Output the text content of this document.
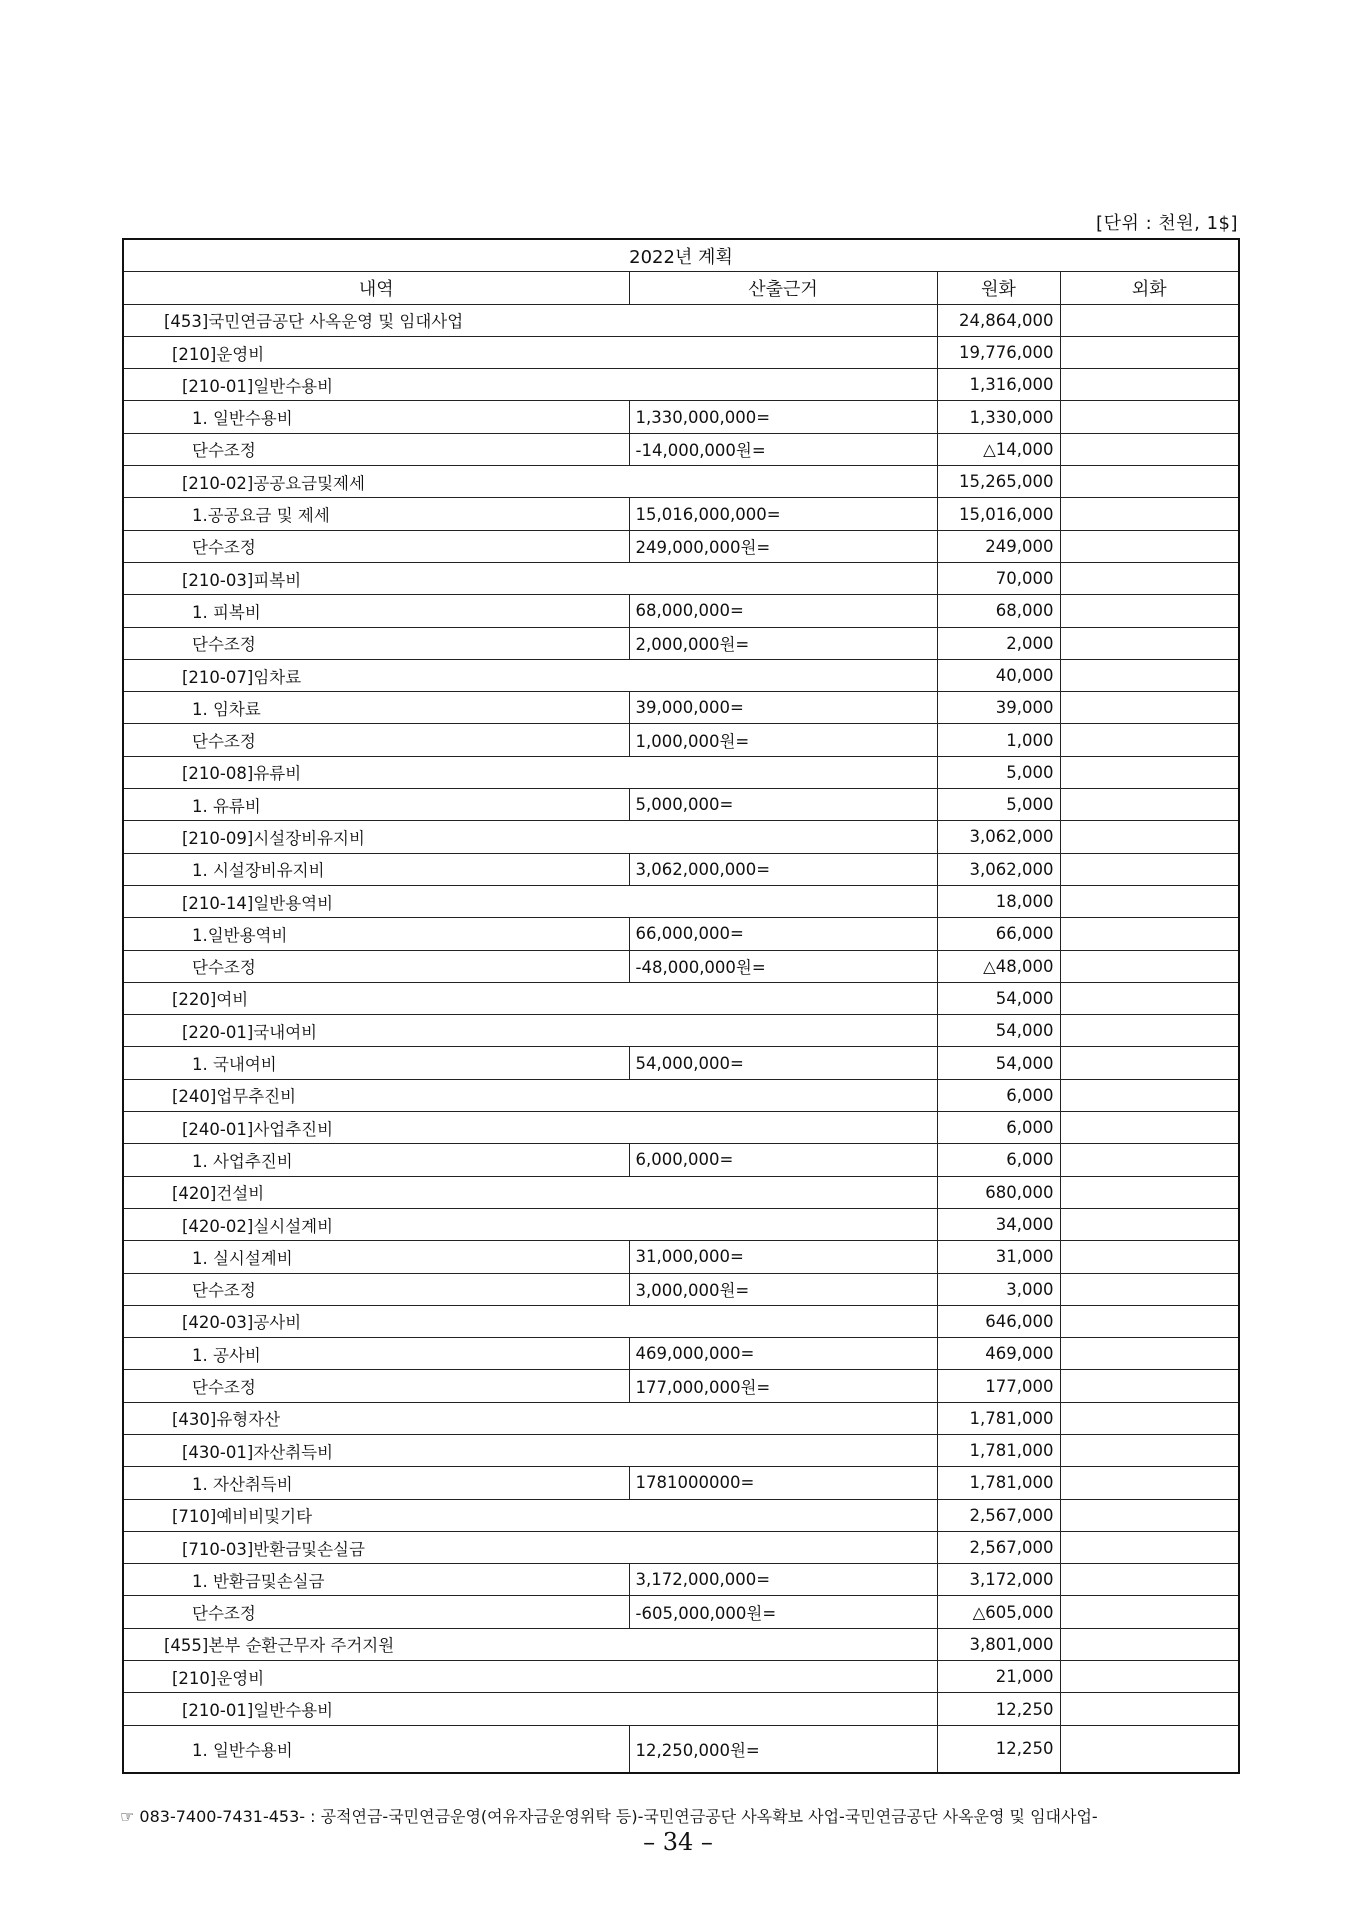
[단위 : 천원, 1$]
2022년 계획			
내역	산출근거	원화	외화
[453]국민연금공단 사옥운영 및 임대사업		24,864,000	
[210]운영비		19,776,000	
[210-01]일반수용비		1,316,000	
1. 일반수용비	1,330,000,000=	1,330,000	
단수조정	-14,000,000원=	△14,000	
[210-02]공공요금및제세		15,265,000	
1.공공요금 및 제세	15,016,000,000=	15,016,000	
단수조정	249,000,000원=	249,000	
[210-03]피복비		70,000	
1. 피복비	68,000,000=	68,000	
단수조정	2,000,000원=	2,000	
[210-07]임차료		40,000	
1. 임차료	39,000,000=	39,000	
단수조정	1,000,000원=	1,000	
[210-08]유류비		5,000	
1. 유류비	5,000,000=	5,000	
[210-09]시설장비유지비		3,062,000	
1. 시설장비유지비	3,062,000,000=	3,062,000	
[210-14]일반용역비		18,000	
1.일반용역비	66,000,000=	66,000	
단수조정	-48,000,000원=	△48,000	
[220]여비		54,000	
[220-01]국내여비		54,000	
1. 국내여비	54,000,000=	54,000	
[240]업무추진비		6,000	
[240-01]사업추진비		6,000	
1. 사업추진비	6,000,000=	6,000	
[420]건설비		680,000	
[420-02]실시설계비		34,000	
1. 실시설계비	31,000,000=	31,000	
단수조정	3,000,000원=	3,000	
[420-03]공사비		646,000	
1. 공사비	469,000,000=	469,000	
단수조정	177,000,000원=	177,000	
[430]유형자산		1,781,000	
[430-01]자산취득비		1,781,000	
1. 자산취득비	1781000000=	1,781,000	
[710]예비비및기타		2,567,000	
[710-03]반환금및손실금		2,567,000	
1. 반환금및손실금	3,172,000,000=	3,172,000	
단수조정	-605,000,000원=	△605,000	
[455]본부 순환근무자 주거지원		3,801,000	
[210]운영비		21,000	
[210-01]일반수용비		12,250	
1. 일반수용비	12,250,000원=	12,250	
☞ 083-7400-7431-453- : 공적연금-국민연금운영(여유자금운영위탁 등)-국민연금공단 사옥확보 사업-국민연금공단 사옥운영 및 임대사업-
– 34 –
